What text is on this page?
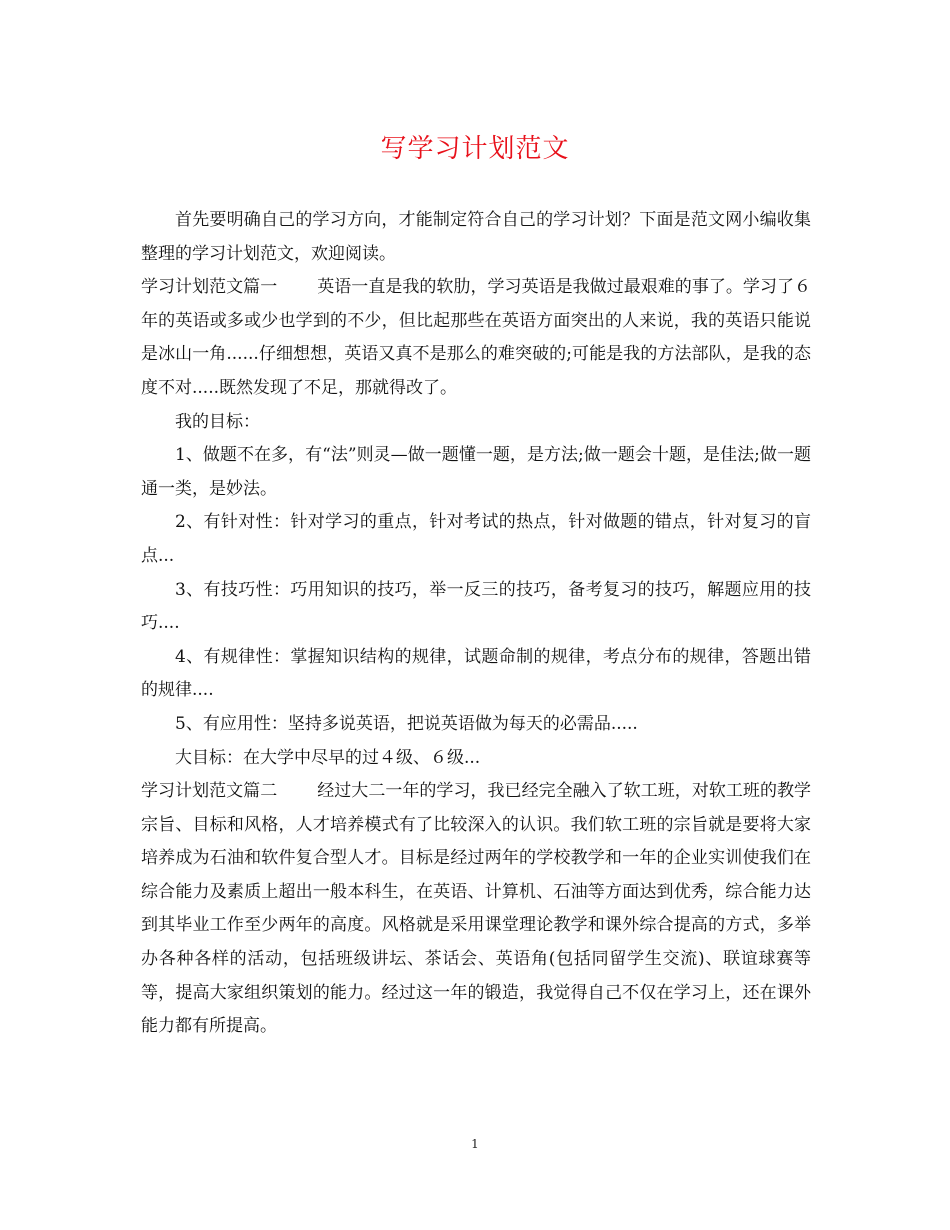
写学习计划范文

首先要明确自己的学习方向，才能制定符合自己的学习计划？下面是范文网小编收集整理的学习计划范文，欢迎阅读。

学习计划范文篇一 英语一直是我的软肋，学习英语是我做过最艰难的事了。学习了６年的英语或多或少也学到的不少，但比起那些在英语方面突出的人来说，我的英语只能说是冰山一角......仔细想想，英语又真不是那么的难突破的;可能是我的方法部队，是我的态度不对.....既然发现了不足，那就得改了。

我的目标：

1、做题不在多，有“法”则灵—做一题懂一题，是方法;做一题会十题，是佳法;做一题通一类，是妙法。

2、有针对性：针对学习的重点，针对考试的热点，针对做题的错点，针对复习的盲点...

3、有技巧性：巧用知识的技巧，举一反三的技巧，备考复习的技巧，解题应用的技巧....

4、有规律性：掌握知识结构的规律，试题命制的规律，考点分布的规律，答题出错的规律....

5、有应用性：坚持多说英语，把说英语做为每天的必需品.....

大目标：在大学中尽早的过４级、６级...

学习计划范文篇二 经过大二一年的学习，我已经完全融入了软工班，对软工班的教学宗旨、目标和风格，人才培养模式有了比较深入的认识。我们软工班的宗旨就是要将大家培养成为石油和软件复合型人才。目标是经过两年的学校教学和一年的企业实训使我们在综合能力及素质上超出一般本科生，在英语、计算机、石油等方面达到优秀，综合能力达到其毕业工作至少两年的高度。风格就是采用课堂理论教学和课外综合提高的方式，多举办各种各样的活动，包括班级讲坛、茶话会、英语角(包括同留学生交流)、联谊球赛等等，提高大家组织策划的能力。经过这一年的锻造，我觉得自己不仅在学习上，还在课外能力都有所提高。

1
